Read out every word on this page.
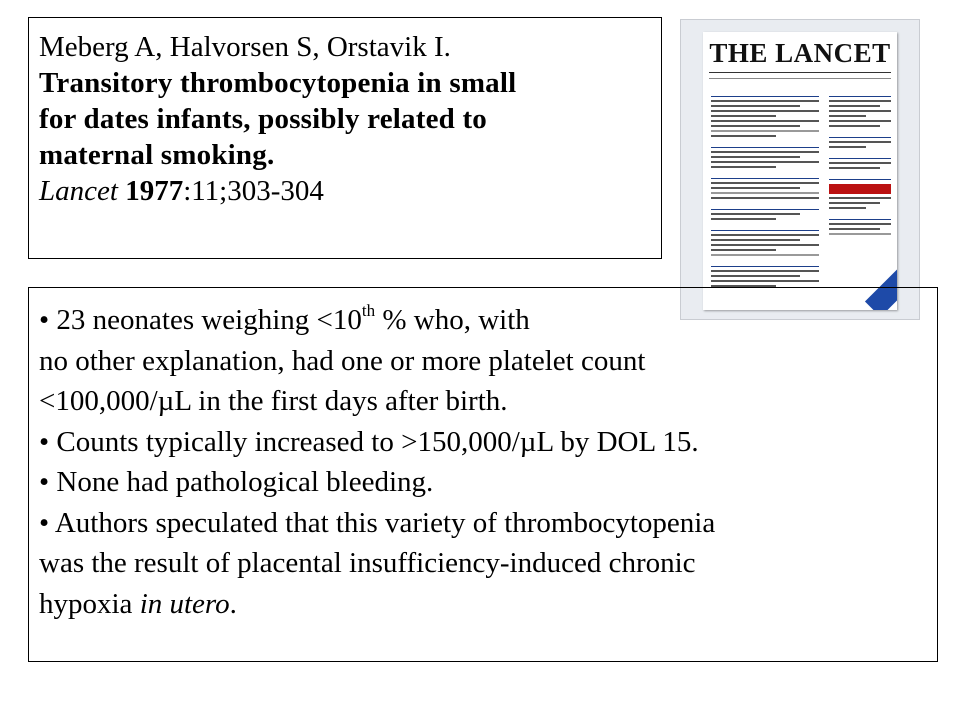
Meberg A, Halvorsen S, Orstavik I.
Transitory thrombocytopenia in small
for dates infants, possibly related to
maternal smoking.
Lancet 1977:11;303-304
THE LANCET

• 23 neonates weighing <10th % who, with

no other explanation, had one or more platelet count

<100,000/µL in the first days after birth.

• Counts typically increased to >150,000/µL by DOL 15.

• None had pathological bleeding.

• Authors speculated that this variety of thrombocytopenia

was the result of placental insufficiency-induced chronic

hypoxia in utero.
